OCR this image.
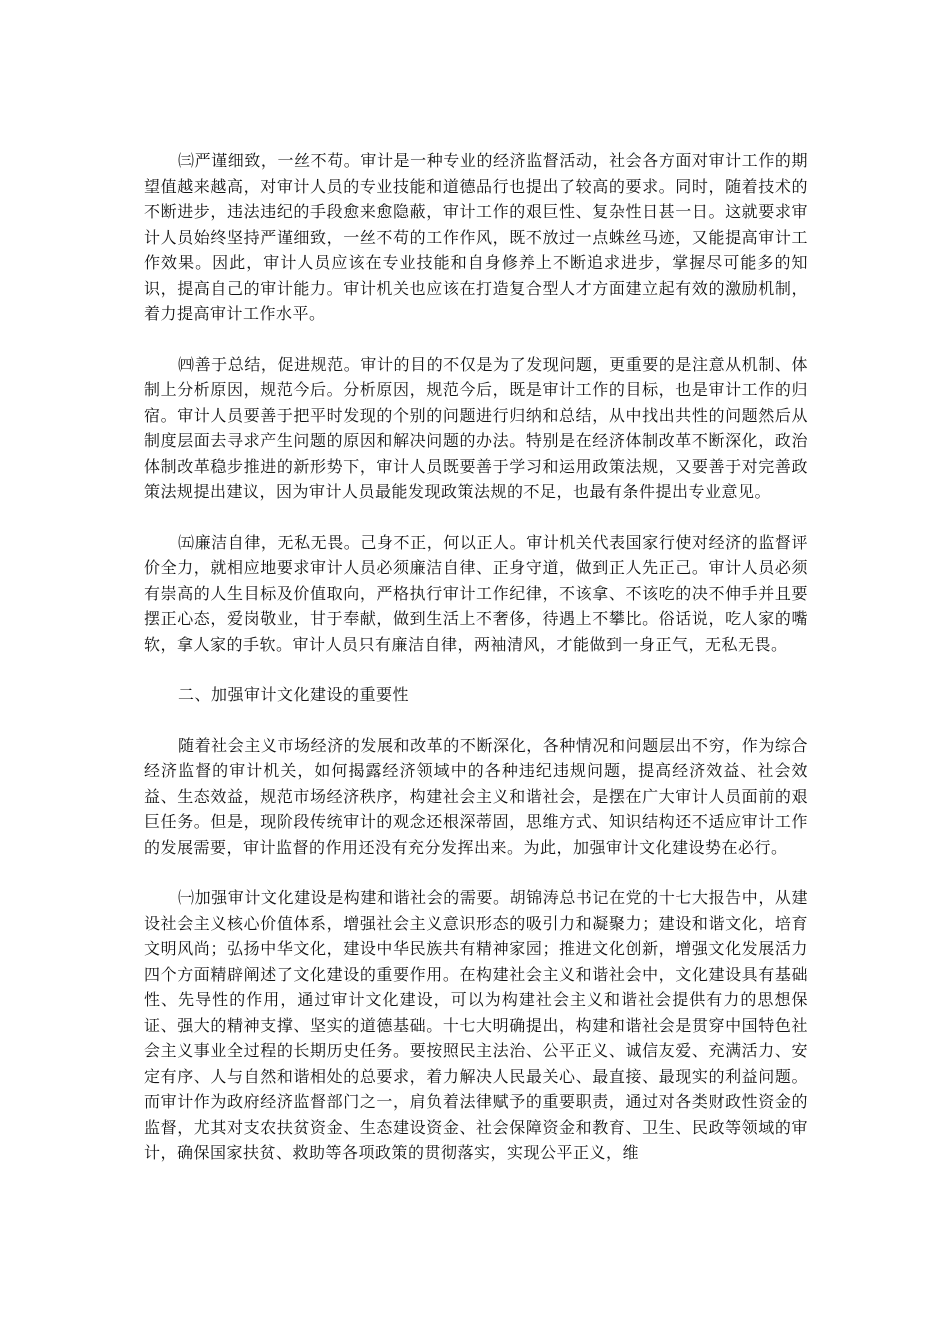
㈢严谨细致，一丝不苟。审计是一种专业的经济监督活动，社会各方面对审计工作的期望值越来越高，对审计人员的专业技能和道德品行也提出了较高的要求。同时，随着技术的不断进步，违法违纪的手段愈来愈隐蔽，审计工作的艰巨性、复杂性日甚一日。这就要求审计人员始终坚持严谨细致，一丝不苟的工作作风，既不放过一点蛛丝马迹，又能提高审计工作效果。因此，审计人员应该在专业技能和自身修养上不断追求进步，掌握尽可能多的知识，提高自己的审计能力。审计机关也应该在打造复合型人才方面建立起有效的激励机制，着力提高审计工作水平。

㈣善于总结，促进规范。审计的目的不仅是为了发现问题，更重要的是注意从机制、体制上分析原因，规范今后。分析原因，规范今后，既是审计工作的目标，也是审计工作的归宿。审计人员要善于把平时发现的个别的问题进行归纳和总结，从中找出共性的问题然后从制度层面去寻求产生问题的原因和解决问题的办法。特别是在经济体制改革不断深化，政治体制改革稳步推进的新形势下，审计人员既要善于学习和运用政策法规，又要善于对完善政策法规提出建议，因为审计人员最能发现政策法规的不足，也最有条件提出专业意见。

㈤廉洁自律，无私无畏。己身不正，何以正人。审计机关代表国家行使对经济的监督评价全力，就相应地要求审计人员必须廉洁自律、正身守道，做到正人先正己。审计人员必须有崇高的人生目标及价值取向，严格执行审计工作纪律，不该拿、不该吃的决不伸手并且要摆正心态，爱岗敬业，甘于奉献，做到生活上不奢侈，待遇上不攀比。俗话说，吃人家的嘴软，拿人家的手软。审计人员只有廉洁自律，两袖清风，才能做到一身正气，无私无畏。

二、加强审计文化建设的重要性

随着社会主义市场经济的发展和改革的不断深化，各种情况和问题层出不穷，作为综合经济监督的审计机关，如何揭露经济领域中的各种违纪违规问题，提高经济效益、社会效益、生态效益，规范市场经济秩序，构建社会主义和谐社会，是摆在广大审计人员面前的艰巨任务。但是，现阶段传统审计的观念还根深蒂固，思维方式、知识结构还不适应审计工作的发展需要，审计监督的作用还没有充分发挥出来。为此，加强审计文化建设势在必行。

㈠加强审计文化建设是构建和谐社会的需要。胡锦涛总书记在党的十七大报告中，从建设社会主义核心价值体系，增强社会主义意识形态的吸引力和凝聚力；建设和谐文化，培育文明风尚；弘扬中华文化，建设中华民族共有精神家园；推进文化创新，增强文化发展活力四个方面精辟阐述了文化建设的重要作用。在构建社会主义和谐社会中，文化建设具有基础性、先导性的作用，通过审计文化建设，可以为构建社会主义和谐社会提供有力的思想保证、强大的精神支撑、坚实的道德基础。十七大明确提出，构建和谐社会是贯穿中国特色社会主义事业全过程的长期历史任务。要按照民主法治、公平正义、诚信友爱、充满活力、安定有序、人与自然和谐相处的总要求，着力解决人民最关心、最直接、最现实的利益问题。而审计作为政府经济监督部门之一，肩负着法律赋予的重要职责，通过对各类财政性资金的监督，尤其对支农扶贫资金、生态建设资金、社会保障资金和教育、卫生、民政等领域的审计，确保国家扶贫、救助等各项政策的贯彻落实，实现公平正义，维
